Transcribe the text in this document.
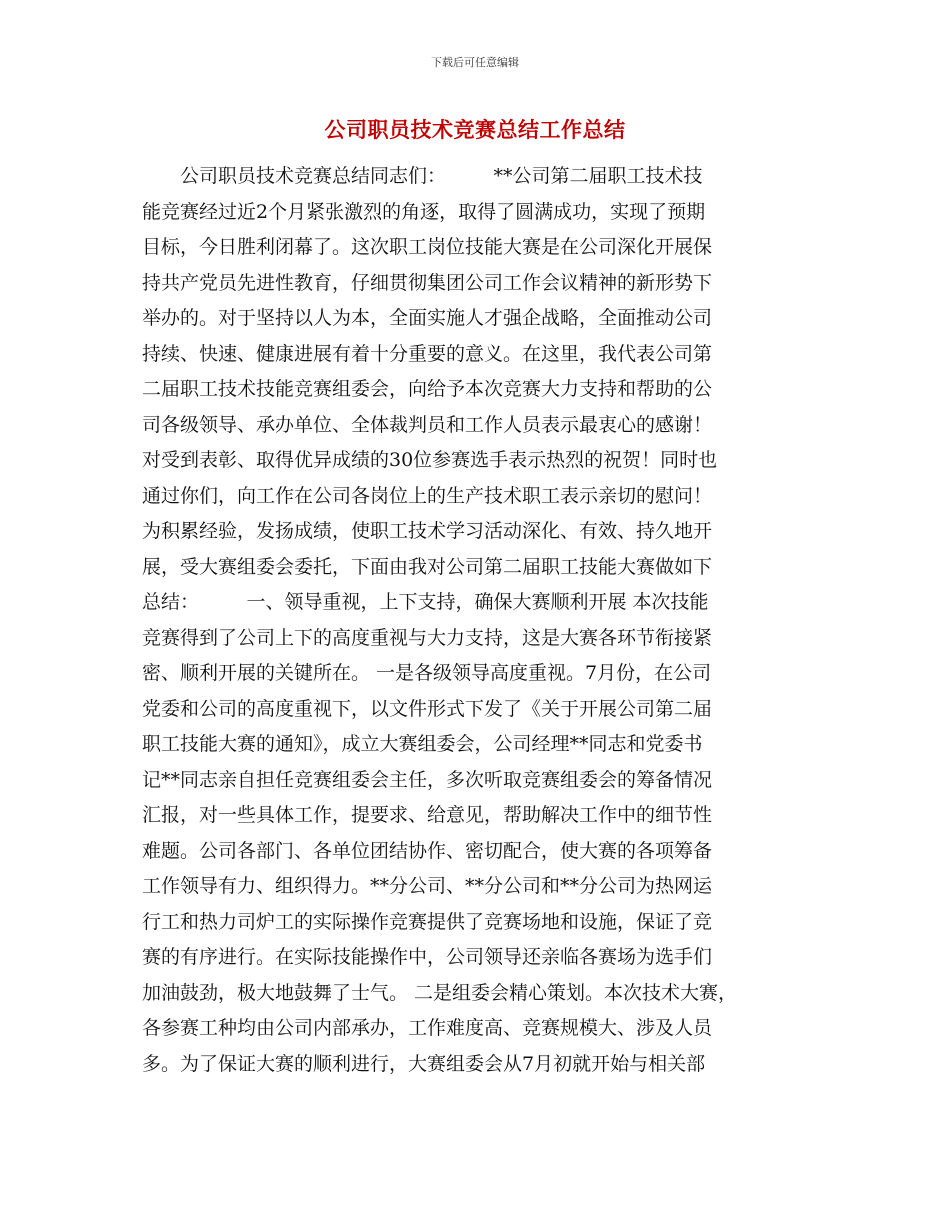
下载后可任意编辑
公司职员技术竞赛总结工作总结
　　公司职员技术竞赛总结同志们：　　　**公司第二届职工技术技
能竞赛经过近2个月紧张激烈的角逐，取得了圆满成功，实现了预期
目标，今日胜利闭幕了。这次职工岗位技能大赛是在公司深化开展保
持共产党员先进性教育，仔细贯彻集团公司工作会议精神的新形势下
举办的。对于坚持以人为本，全面实施人才强企战略，全面推动公司
持续、快速、健康进展有着十分重要的意义。在这里，我代表公司第
二届职工技术技能竞赛组委会，向给予本次竞赛大力支持和帮助的公
司各级领导、承办单位、全体裁判员和工作人员表示最衷心的感谢！
对受到表彰、取得优异成绩的30位参赛选手表示热烈的祝贺！同时也
通过你们，向工作在公司各岗位上的生产技术职工表示亲切的慰问！
为积累经验，发扬成绩，使职工技术学习活动深化、有效、持久地开
展，受大赛组委会委托，下面由我对公司第二届职工技能大赛做如下
总结：　　　一、领导重视，上下支持，确保大赛顺利开展 本次技能
竞赛得到了公司上下的高度重视与大力支持，这是大赛各环节衔接紧
密、顺利开展的关键所在。 一是各级领导高度重视。7月份，在公司
党委和公司的高度重视下，以文件形式下发了《关于开展公司第二届
职工技能大赛的通知》，成立大赛组委会，公司经理**同志和党委书
记**同志亲自担任竞赛组委会主任，多次听取竞赛组委会的筹备情况
汇报，对一些具体工作，提要求、给意见，帮助解决工作中的细节性
难题。公司各部门、各单位团结协作、密切配合，使大赛的各项筹备
工作领导有力、组织得力。**分公司、**分公司和**分公司为热网运
行工和热力司炉工的实际操作竞赛提供了竞赛场地和设施，保证了竞
赛的有序进行。在实际技能操作中，公司领导还亲临各赛场为选手们
加油鼓劲，极大地鼓舞了士气。 二是组委会精心策划。本次技术大赛，
各参赛工种均由公司内部承办，工作难度高、竞赛规模大、涉及人员
多。为了保证大赛的顺利进行，大赛组委会从7月初就开始与相关部
